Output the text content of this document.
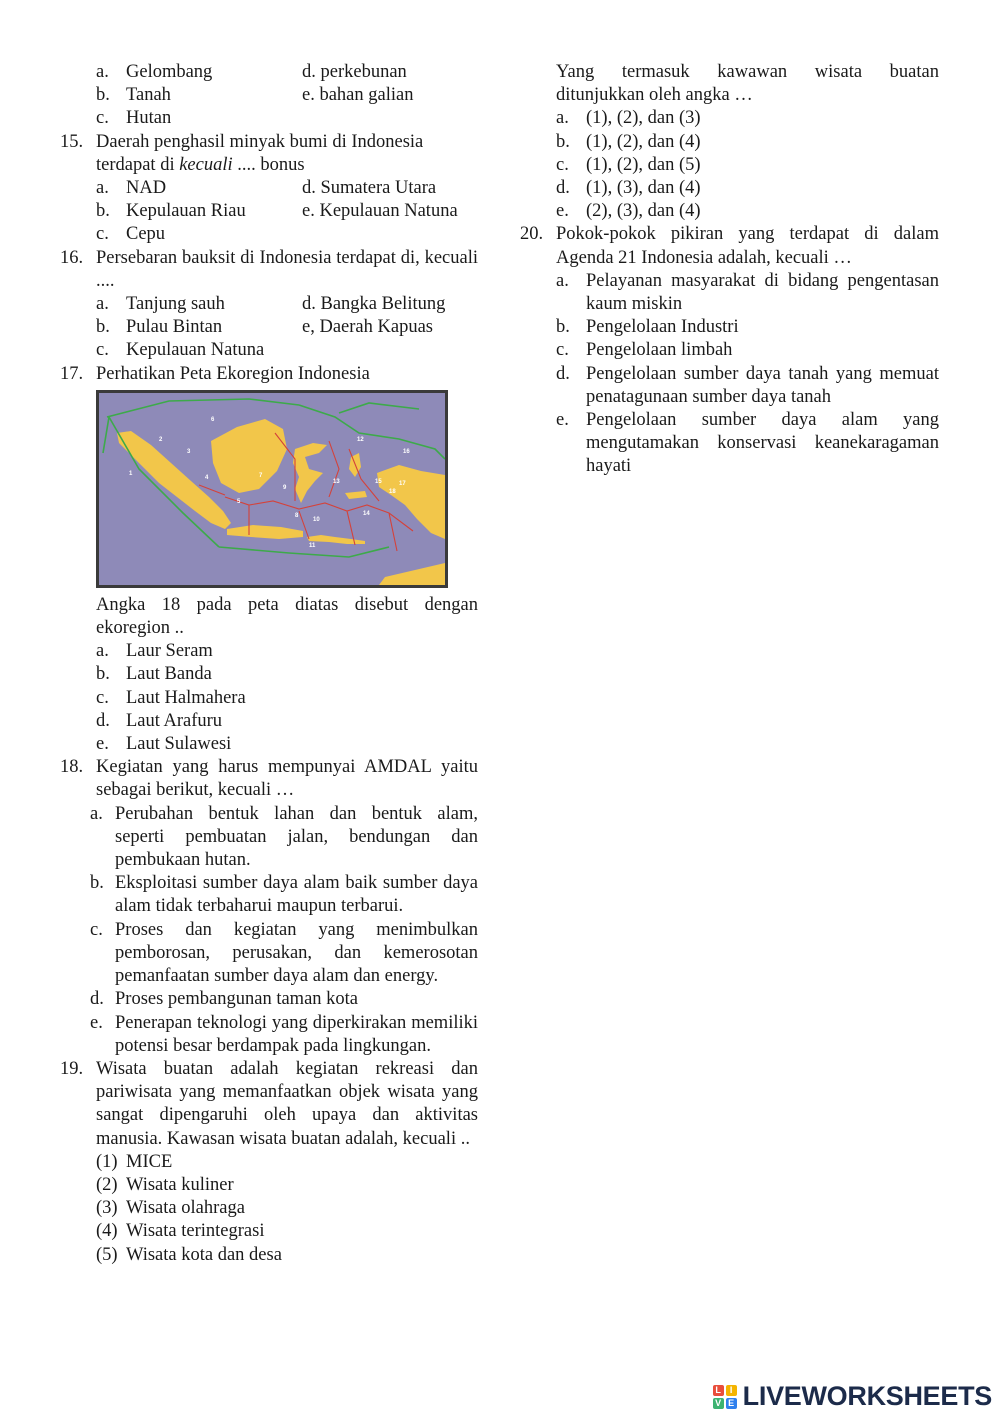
a. Gelombang	d. perkebunan
b. Tanah	e. bahan galian
c. Hutan
15. Daerah penghasil minyak bumi di Indonesia
terdapat di kecuali .... bonus
a. NAD	d. Sumatera Utara
b. Kepulauan Riau	e. Kepulauan Natuna
c. Cepu
16. Persebaran bauksit di Indonesia terdapat di, kecuali ....
a. Tanjung sauh	d. Bangka Belitung
b. Pulau Bintan	e, Daerah Kapuas
c. Kepulauan Natuna
17. Perhatikan Peta Ekoregion Indonesia
1
2
3
4
5
6
7
8
9
10
11
12
13
14
15
16
17
18
Angka 18 pada peta diatas disebut dengan ekoregion ..
a. Laur Seram
b. Laut Banda
c. Laut Halmahera
d. Laut Arafuru
e. Laut Sulawesi
18. Kegiatan yang harus mempunyai AMDAL yaitu sebagai berikut, kecuali …
a. Perubahan bentuk lahan dan bentuk alam, seperti pembuatan jalan, bendungan dan pembukaan hutan.
b. Eksploitasi sumber daya alam baik sumber daya alam tidak terbaharui maupun terbarui.
c. Proses dan kegiatan yang menimbulkan pemborosan, perusakan, dan kemerosotan pemanfaatan sumber daya alam dan energy.
d. Proses pembangunan taman kota
e. Penerapan teknologi yang diperkirakan memiliki potensi besar berdampak pada lingkungan.
19. Wisata buatan adalah kegiatan rekreasi dan pariwisata yang memanfaatkan objek wisata yang sangat dipengaruhi oleh upaya dan aktivitas manusia. Kawasan wisata buatan adalah, kecuali ..
(1) MICE
(2) Wisata kuliner
(3) Wisata olahraga
(4) Wisata terintegrasi
(5) Wisata kota dan desa
Yang termasuk kawawan wisata buatan ditunjukkan oleh angka …
a. (1), (2), dan (3)
b. (1), (2), dan (4)
c. (1), (2), dan (5)
d. (1), (3), dan (4)
e. (2), (3), dan (4)
20. Pokok-pokok pikiran yang terdapat di dalam Agenda 21 Indonesia adalah, kecuali …
a. Pelayanan masyarakat di bidang pengentasan kaum miskin
b. Pengelolaan Industri
c. Pengelolaan limbah
d. Pengelolaan sumber daya tanah yang memuat penatagunaan sumber daya tanah
e. Pengelolaan sumber daya alam yang mengutamakan konservasi keanekaragaman hayati
L I
V E LIVEWORKSHEETS
